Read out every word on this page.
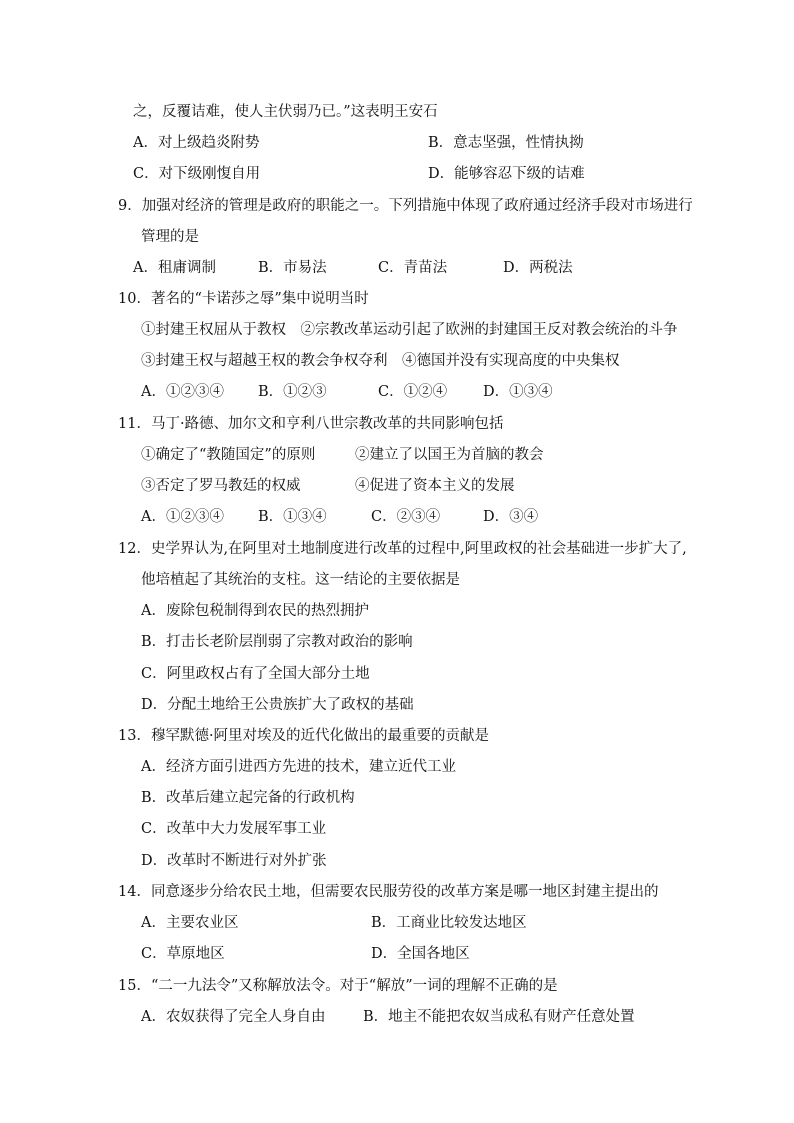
之，反覆诘难，使人主伏弱乃已。”这表明王安石
A．对上级趋炎附势	B．意志坚强，性情执拗
C．对下级刚愎自用	D．能够容忍下级的诘难
9．加强对经济的管理是政府的职能之一。下列措施中体现了政府通过经济手段对市场进行
管理的是
A．租庸调制	B．市易法	C．青苗法	D．两税法
10．著名的“卡诺莎之辱”集中说明当时
①封建王权屈从于教权　②宗教改革运动引起了欧洲的封建国王反对教会统治的斗争
③封建王权与超越王权的教会争权夺利　④德国并没有实现高度的中央集权
A．①②③④ B．①②③	C．①②④ D．①③④
11．马丁·路德、加尔文和亨利八世宗教改革的共同影响包括
①确定了“教随国定”的原则	②建立了以国王为首脑的教会
③否定了罗马教廷的权威	④促进了资本主义的发展
A．①②③④ B．①③④	C．②③④	D．③④
12．史学界认为,在阿里对土地制度进行改革的过程中,阿里政权的社会基础进一步扩大了,
他培植起了其统治的支柱。这一结论的主要依据是
A．废除包税制得到农民的热烈拥护
B．打击长老阶层削弱了宗教对政治的影响
C．阿里政权占有了全国大部分土地
D．分配土地给王公贵族扩大了政权的基础
13．穆罕默德·阿里对埃及的近代化做出的最重要的贡献是
A．经济方面引进西方先进的技术，建立近代工业
B．改革后建立起完备的行政机构
C．改革中大力发展军事工业
D．改革时不断进行对外扩张
14．同意逐步分给农民土地，但需要农民服劳役的改革方案是哪一地区封建主提出的
A．主要农业区	B．工商业比较发达地区
C．草原地区	D．全国各地区
15．“二一九法令”又称解放法令。对于“解放”一词的理解不正确的是
A．农奴获得了完全人身自由	B．地主不能把农奴当成私有财产任意处置
